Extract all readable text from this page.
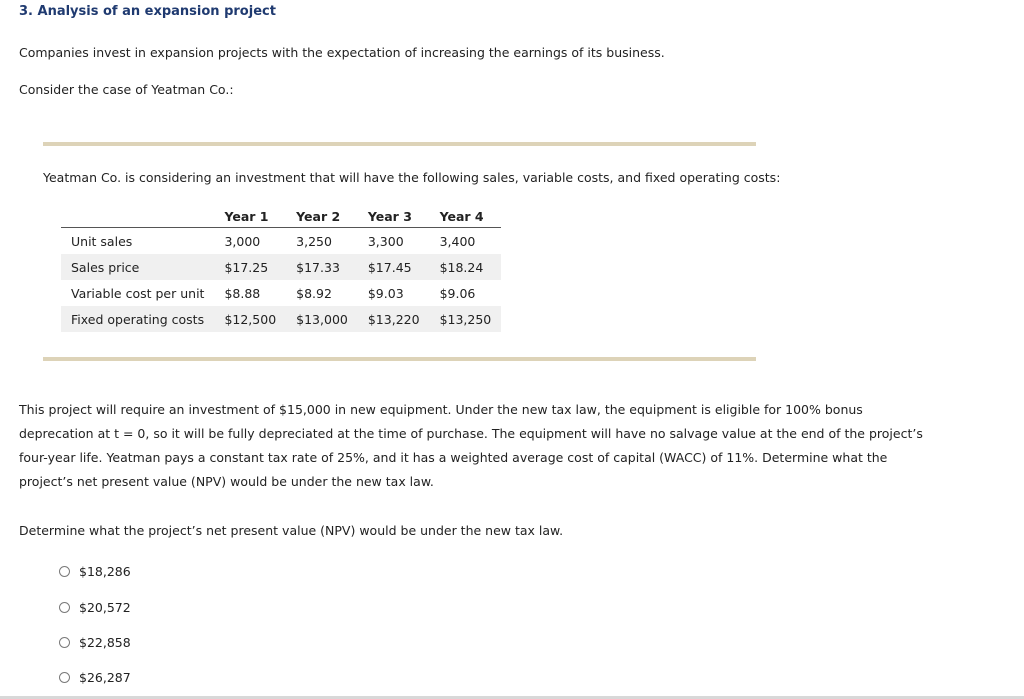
3. Analysis of an expansion project
Companies invest in expansion projects with the expectation of increasing the earnings of its business.
Consider the case of Yeatman Co.:
Yeatman Co. is considering an investment that will have the following sales, variable costs, and fixed operating costs:
	Year 1	Year 2	Year 3	Year 4
Unit sales	3,000	3,250	3,300	3,400
Sales price	$17.25	$17.33	$17.45	$18.24
Variable cost per unit	$8.88	$8.92	$9.03	$9.06
Fixed operating costs	$12,500	$13,000	$13,220	$13,250
This project will require an investment of $15,000 in new equipment. Under the new tax law, the equipment is eligible for 100% bonus deprecation at t = 0, so it will be fully depreciated at the time of purchase. The equipment will have no salvage value at the end of the project’s four-year life. Yeatman pays a constant tax rate of 25%, and it has a weighted average cost of capital (WACC) of 11%. Determine what the project’s net present value (NPV) would be under the new tax law.
Determine what the project’s net present value (NPV) would be under the new tax law.
$18,286
$20,572
$22,858
$26,287
